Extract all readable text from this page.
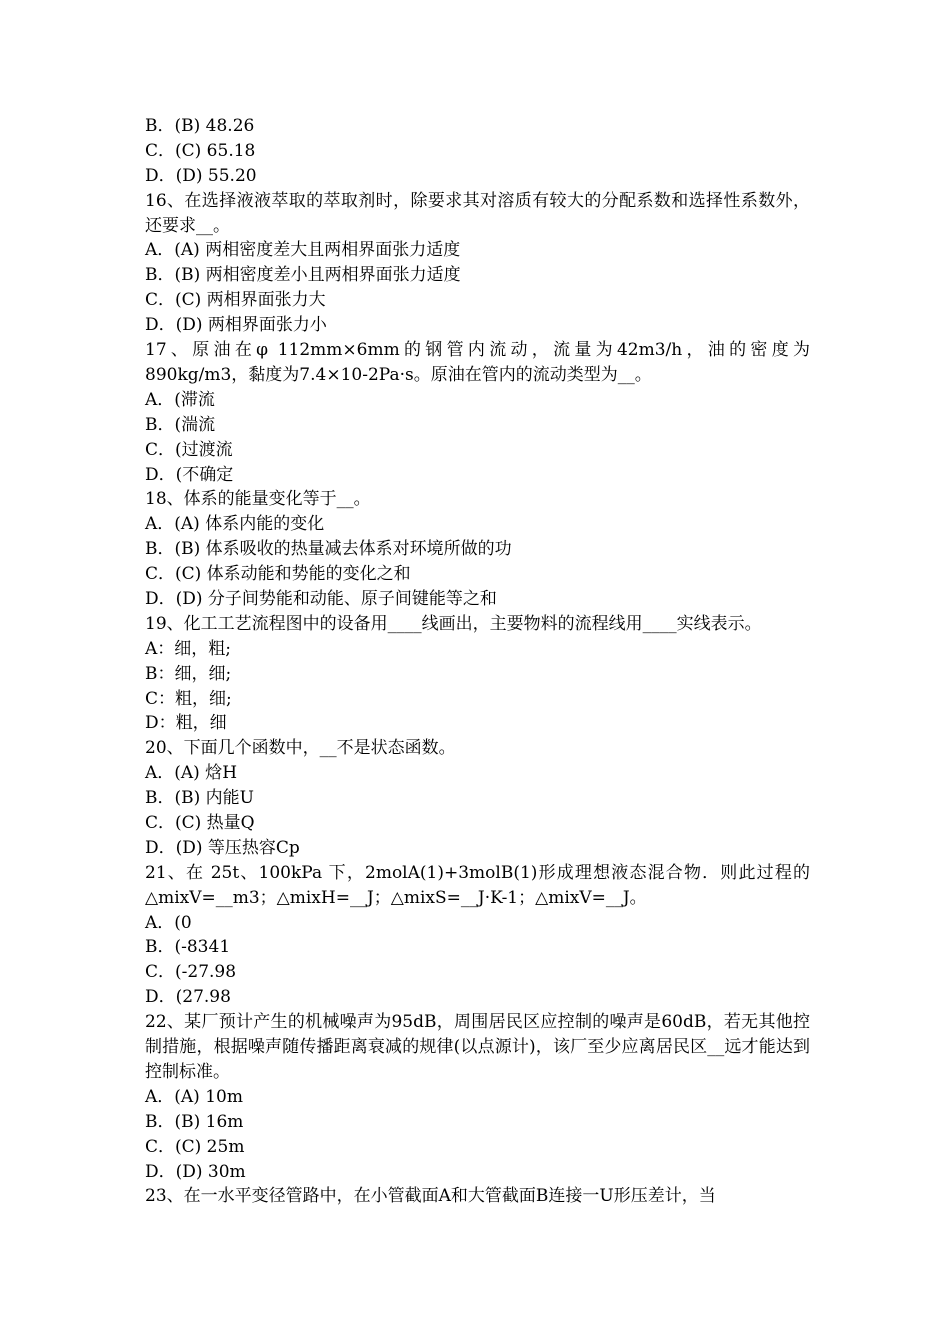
B．(B) 48.26
C．(C) 65.18
D．(D) 55.20
16、在选择液液萃取的萃取剂时，除要求其对溶质有较大的分配系数和选择性系数外，还要求__。
A．(A) 两相密度差大且两相界面张力适度
B．(B) 两相密度差小且两相界面张力适度
C．(C) 两相界面张力大
D．(D) 两相界面张力小
17、原油在φ 112mm×6mm的钢管内流动，流量为42m3/h，油的密度为890kg/m3，黏度为7.4×10-2Pa·s。原油在管内的流动类型为__。
A．(滞流
B．(湍流
C．(过渡流
D．(不确定
18、体系的能量变化等于__。
A．(A) 体系内能的变化
B．(B) 体系吸收的热量减去体系对环境所做的功
C．(C) 体系动能和势能的变化之和
D．(D) 分子间势能和动能、原子间键能等之和
19、化工工艺流程图中的设备用____线画出，主要物料的流程线用____实线表示。
A：细，粗;
B：细，细;
C：粗，细;
D：粗，细
20、下面几个函数中，__不是状态函数。
A．(A) 焓H
B．(B) 内能U
C．(C) 热量Q
D．(D) 等压热容Cp
21、在 25t、100kPa 下，2molA(1)+3molB(1)形成理想液态混合物．则此过程的△mixV=__m3；△mixH=__J；△mixS=__J·K-1；△mixV=__J。
A．(0
B．(-8341
C．(-27.98
D．(27.98
22、某厂预计产生的机械噪声为95dB，周围居民区应控制的噪声是60dB，若无其他控制措施，根据噪声随传播距离衰减的规律(以点源计)，该厂至少应离居民区__远才能达到控制标准。
A．(A) 10m
B．(B) 16m
C．(C) 25m
D．(D) 30m
23、在一水平变径管路中，在小管截面A和大管截面B连接一U形压差计，当
